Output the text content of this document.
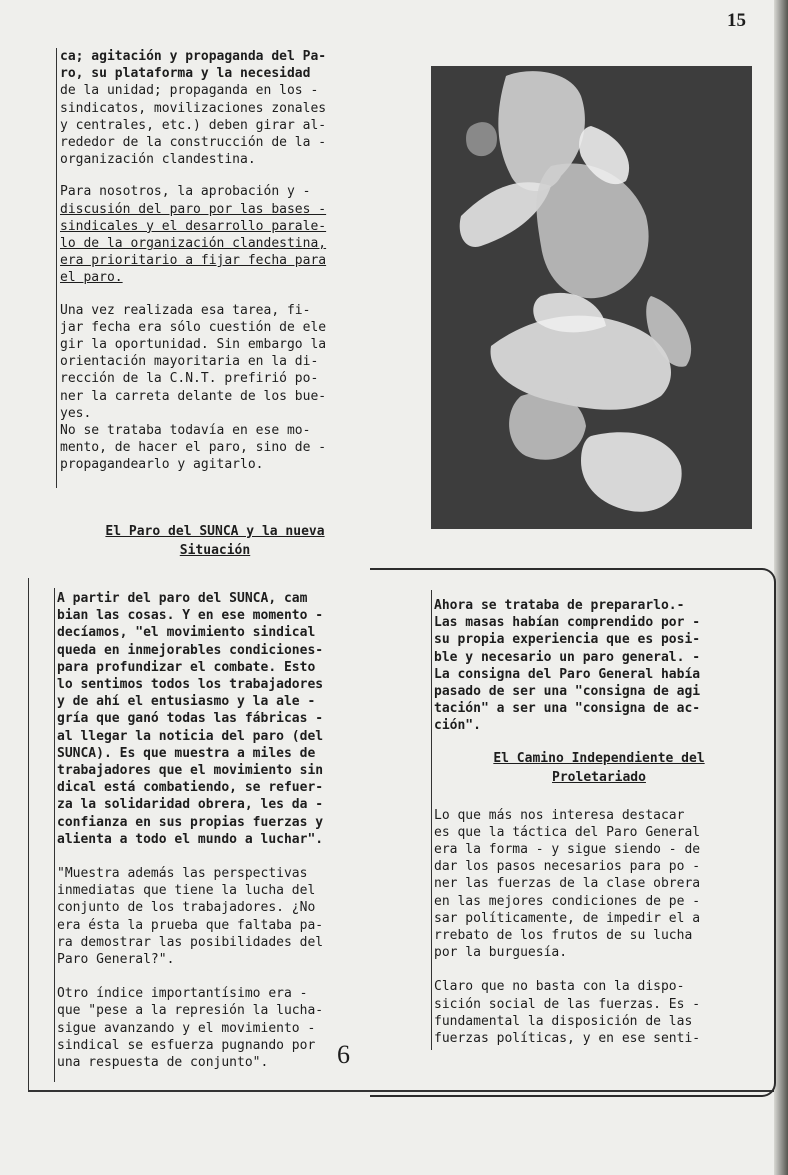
15

ca; agitación y propaganda del Pa-
ro, su plataforma y la necesidad
de la unidad; propaganda en los -
sindicatos, movilizaciones zonales
y centrales, etc.) deben girar al-
rededor de la construcción de la -
organización clandestina.

Para nosotros, la aprobación y -
discusión del paro por las bases -
sindicales y el desarrollo parale-
lo de la organización clandestina,
era prioritario a fijar fecha para
el paro.

Una vez realizada esa tarea, fi-
jar fecha era sólo cuestión de ele
gir la oportunidad. Sin embargo la
orientación mayoritaria en la di-
rección de la C.N.T. prefirió po-
ner la carreta delante de los bue-
yes.

No se trataba todavía en ese mo-
mento, de hacer el paro, sino de -
propagandearlo y agitarlo.

El Paro del SUNCA y la nueva
Situación

A partir del paro del SUNCA, cam
bian las cosas. Y en ese momento -
decíamos, "el movimiento sindical
queda en inmejorables condiciones-
para profundizar el combate. Esto
lo sentimos todos los trabajadores
y de ahí el entusiasmo y la ale -
gría que ganó todas las fábricas -
al llegar la noticia del paro (del
SUNCA). Es que muestra a miles de
trabajadores que el movimiento sin
dical está combatiendo, se refuer-
za la solidaridad obrera, les da -
confianza en sus propias fuerzas y
alienta a todo el mundo a luchar".

"Muestra además las perspectivas
inmediatas que tiene la lucha del
conjunto de los trabajadores. ¿No
era ésta la prueba que faltaba pa-
ra demostrar las posibilidades del
Paro General?".

Otro índice importantísimo era -
que "pese a la represión la lucha-
sigue avanzando y el movimiento -
sindical se esfuerza pugnando por
una respuesta de conjunto".	6

Ahora se trataba de prepararlo.-
Las masas habían comprendido por -
su propia experiencia que es posi-
ble y necesario un paro general. -
La consigna del Paro General había
pasado de ser una "consigna de agi
tación" a ser una "consigna de ac-
ción".

El Camino Independiente del
Proletariado

Lo que más nos interesa destacar
es que la táctica del Paro General
era la forma - y sigue siendo - de
dar los pasos necesarios para po -
ner las fuerzas de la clase obrera
en las mejores condiciones de pe -
sar políticamente, de impedir el a
rrebato de los frutos de su lucha
por la burguesía.

Claro que no basta con la dispo-
sición social de las fuerzas. Es -
fundamental la disposición de las
fuerzas políticas, y en ese senti-
